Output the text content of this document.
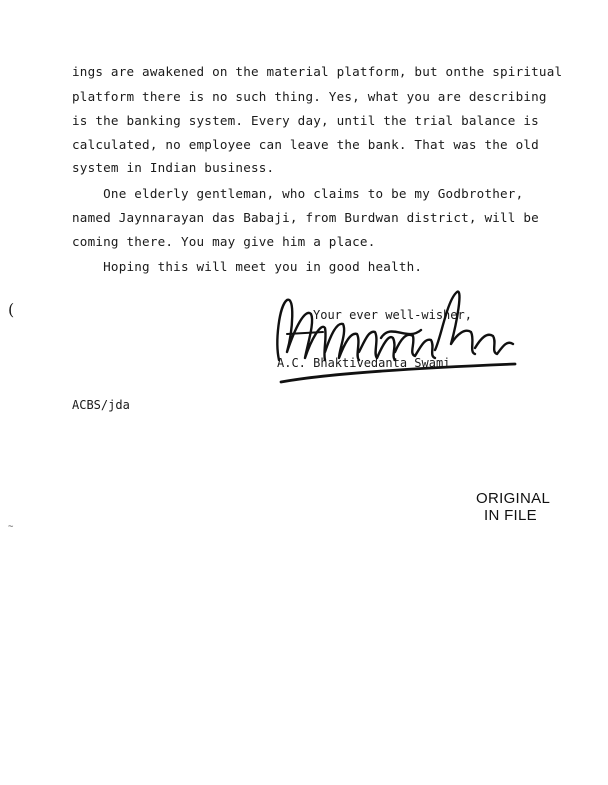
ings are awakened on the material platform, but onthe spiritual
platform there is no such thing. Yes, what you are describing
is the banking system. Every day, until the trial balance is
calculated, no employee can leave the bank. That was the old
system in Indian business.
One elderly gentleman, who claims to be my Godbrother,
named Jaynnarayan das Babaji, from Burdwan district, will be
coming there. You may give him a place.
Hoping this will meet you in good health.
(
~
Your ever well-wisher,
A.C. Bhaktivedanta Swami
ACBS/jda
ORIGINAL
IN FILE
